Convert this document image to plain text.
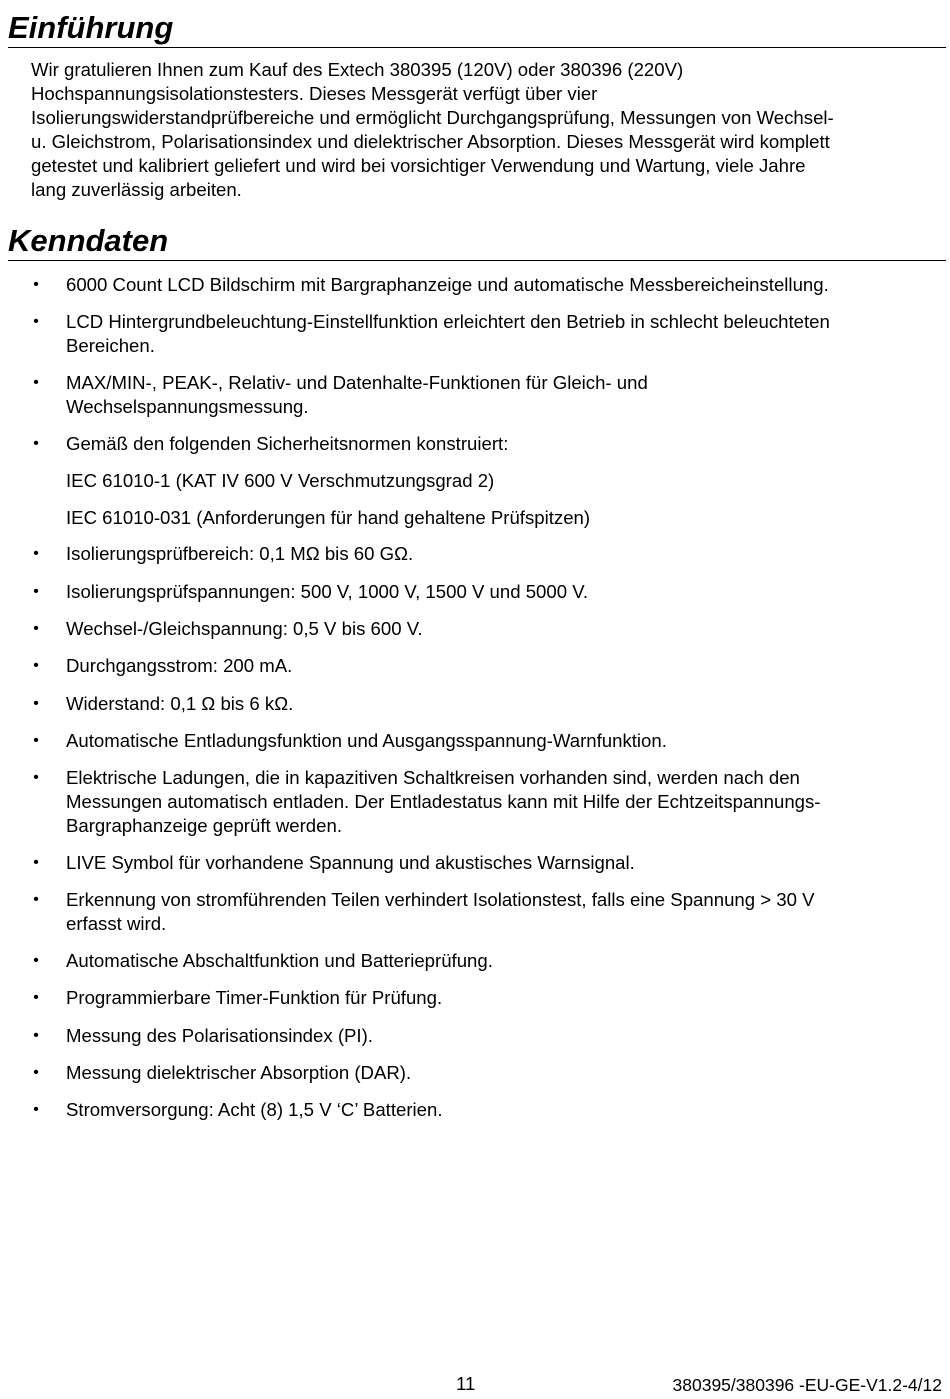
Einführung

Wir gratulieren Ihnen zum Kauf des Extech 380395 (120V) oder 380396 (220V)

Hochspannungsisolationstesters. Dieses Messgerät verfügt über vier

Isolierungswiderstandprüfbereiche und ermöglicht Durchgangsprüfung, Messungen von Wechsel-

u. Gleichstrom, Polarisationsindex und dielektrischer Absorption. Dieses Messgerät wird komplett

getestet und kalibriert geliefert und wird bei vorsichtiger Verwendung und Wartung, viele Jahre

lang zuverlässig arbeiten.

Kenndaten
• 6000 Count LCD Bildschirm mit Bargraphanzeige und automatische Messbereicheinstellung.
• LCD Hintergrundbeleuchtung-Einstellfunktion erleichtert den Betrieb in schlecht beleuchteten
Bereichen.
• MAX/MIN-, PEAK-, Relativ- und Datenhalte-Funktionen für Gleich- und
Wechselspannungsmessung.
• Gemäß den folgenden Sicherheitsnormen konstruiert:
IEC 61010-1 (KAT IV 600 V Verschmutzungsgrad 2)
IEC 61010-031 (Anforderungen für hand gehaltene Prüfspitzen)
• Isolierungsprüfbereich: 0,1 MΩ bis 60 GΩ.
• Isolierungsprüfspannungen: 500 V, 1000 V, 1500 V und 5000 V.
• Wechsel-/Gleichspannung: 0,5 V bis 600 V.
• Durchgangsstrom: 200 mA.
• Widerstand: 0,1 Ω bis 6 kΩ.
• Automatische Entladungsfunktion und Ausgangsspannung-Warnfunktion.
• Elektrische Ladungen, die in kapazitiven Schaltkreisen vorhanden sind, werden nach den
Messungen automatisch entladen. Der Entladestatus kann mit Hilfe der Echtzeitspannungs-
Bargraphanzeige geprüft werden.
• LIVE Symbol für vorhandene Spannung und akustisches Warnsignal.
• Erkennung von stromführenden Teilen verhindert Isolationstest, falls eine Spannung > 30 V
erfasst wird.
• Automatische Abschaltfunktion und Batterieprüfung.
• Programmierbare Timer-Funktion für Prüfung.
• Messung des Polarisationsindex (PI).
• Messung dielektrischer Absorption (DAR).
• Stromversorgung: Acht (8) 1,5 V ‘C’ Batterien.
11	380395/380396 -EU-GE-V1.2-4/12
